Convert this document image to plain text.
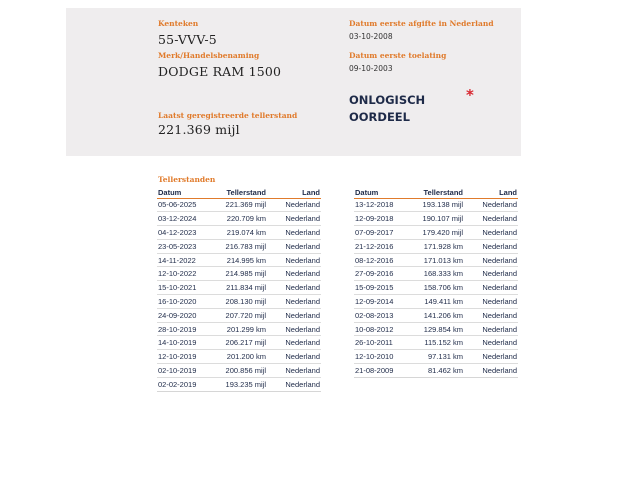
Kenteken
55-VVV-5
Merk/Handelsbenaming
DODGE RAM 1500
Laatst geregistreerde tellerstand
221.369 mijl
Datum eerste afgifte in Nederland
03-10-2008
Datum eerste toelating
09-10-2003
ONLOGISCH
OORDEEL
*
Tellerstanden
Datum	Tellerstand	Land
05-06-2025	221.369 mijl	Nederland
03-12-2024	220.709 km	Nederland
04-12-2023	219.074 km	Nederland
23-05-2023	216.783 mijl	Nederland
14-11-2022	214.995 km	Nederland
12-10-2022	214.985 mijl	Nederland
15-10-2021	211.834 mijl	Nederland
16-10-2020	208.130 mijl	Nederland
24-09-2020	207.720 mijl	Nederland
28-10-2019	201.299 km	Nederland
14-10-2019	206.217 mijl	Nederland
12-10-2019	201.200 km	Nederland
02-10-2019	200.856 mijl	Nederland
02-02-2019	193.235 mijl	Nederland
Datum	Tellerstand	Land
13-12-2018	193.138 mijl	Nederland
12-09-2018	190.107 mijl	Nederland
07-09-2017	179.420 mijl	Nederland
21-12-2016	171.928 km	Nederland
08-12-2016	171.013 km	Nederland
27-09-2016	168.333 km	Nederland
15-09-2015	158.706 km	Nederland
12-09-2014	149.411 km	Nederland
02-08-2013	141.206 km	Nederland
10-08-2012	129.854 km	Nederland
26-10-2011	115.152 km	Nederland
12-10-2010	97.131 km	Nederland
21-08-2009	81.462 km	Nederland
